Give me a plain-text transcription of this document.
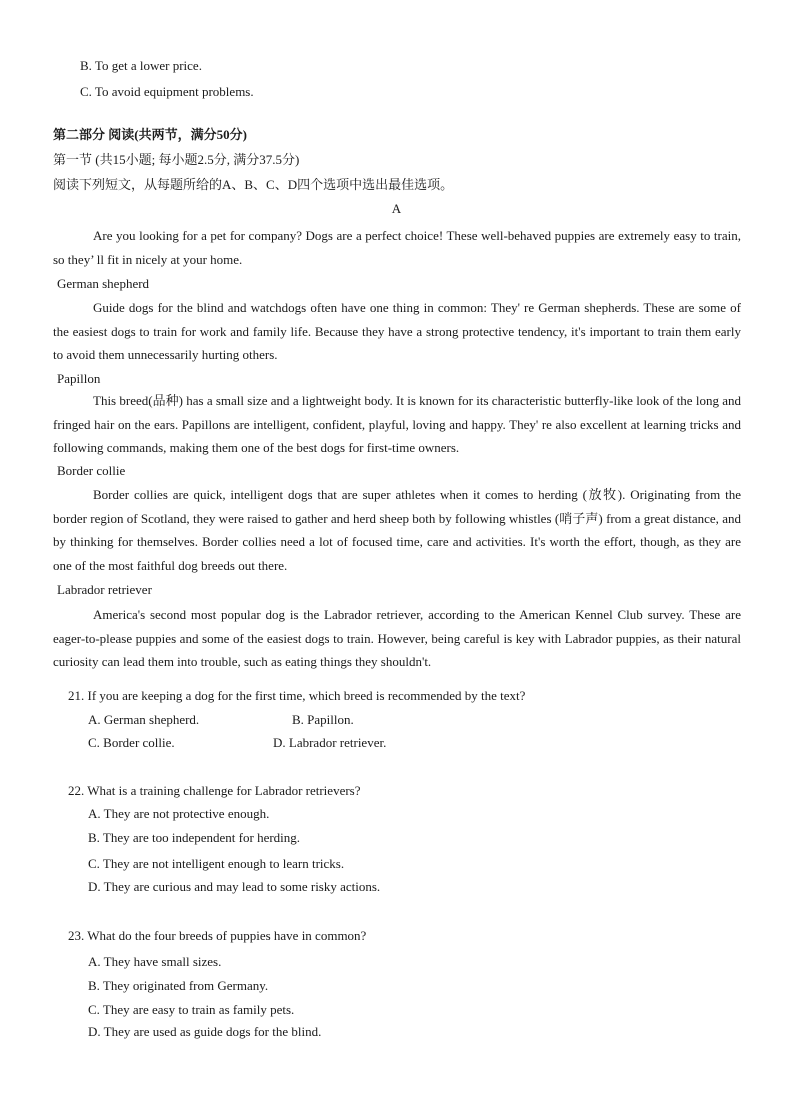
B. To get a lower price.
C. To avoid equipment problems.
第二部分 阅读(共两节，满分50分)
第一节 (共15小题; 每小题2.5分, 满分37.5分)
阅读下列短文，从每题所给的A、B、C、D四个选项中选出最佳选项。
A
Are you looking for a pet for company? Dogs are a perfect choice! These well-behaved puppies are extremely easy to train, so they’ ll fit in nicely at your home.
German shepherd
Guide dogs for the blind and watchdogs often have one thing in common: They' re German shepherds. These are some of the easiest dogs to train for work and family life. Because they have a strong protective tendency, it's important to train them early to avoid them unnecessarily hurting others.
Papillon
This breed(品种) has a small size and a lightweight body. It is known for its characteristic butterfly-like look of the long and fringed hair on the ears. Papillons are intelligent, confident, playful, loving and happy. They' re also excellent at learning tricks and following commands, making them one of the best dogs for first-time owners.
Border collie
Border collies are quick, intelligent dogs that are super athletes when it comes to herding (放牧). Originating from the border region of Scotland, they were raised to gather and herd sheep both by following whistles (哨子声) from a great distance, and by thinking for themselves. Border collies need a lot of focused time, care and activities. It's worth the effort, though, as they are one of the most faithful dog breeds out there.
Labrador retriever
America's second most popular dog is the Labrador retriever, according to the American Kennel Club survey. These are eager-to-please puppies and some of the easiest dogs to train. However, being careful is key with Labrador puppies, as their natural curiosity can lead them into trouble, such as eating things they shouldn't.
21. If you are keeping a dog for the first time, which breed is recommended by the text?
A. German shepherd.	B. Papillon.
C. Border collie.	D. Labrador retriever.
22. What is a training challenge for Labrador retrievers?
A. They are not protective enough.
B. They are too independent for herding.
C. They are not intelligent enough to learn tricks.
D. They are curious and may lead to some risky actions.
23. What do the four breeds of puppies have in common?
A. They have small sizes.
B. They originated from Germany.
C. They are easy to train as family pets.
D. They are used as guide dogs for the blind.
